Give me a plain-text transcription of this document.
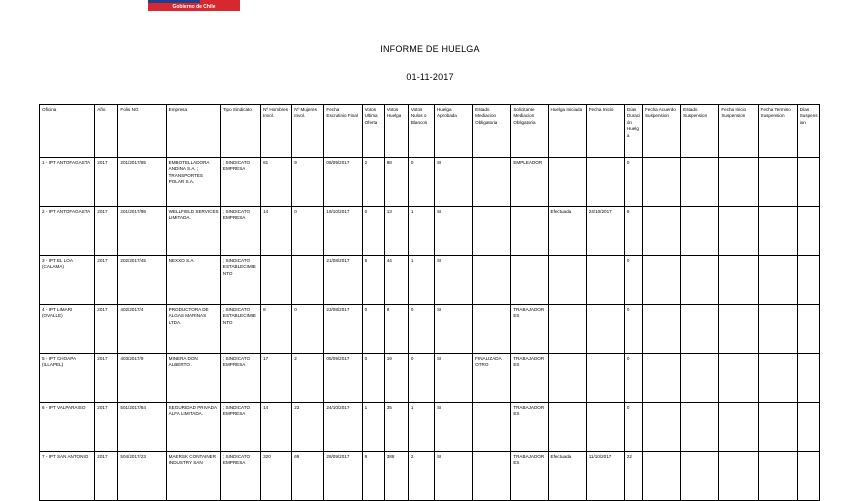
Gobierno de Chile
INFORME DE HUELGA
01-11-2017
Oficina	Año	Folio NG	Empresa	Tipo Sindicato	Nº Hombres Invol.	Nº Mujeres Invol.	Fecha Escrutinio Final	Votos Ultima Oferta	Votos Huelga	Votos Nulos o Blancos	Huelga Aprobada	Estado Mediacion Obligatoria	Solicitante Mediacion Obligatoria	Huelga Iniciada	Fecha Inicio	Días Duración Huelga	Fecha Acuerdo Suspension	Estado Suspension	Fecha Inicio Suspension	Fecha Termino Suspension	Días Suspension
1 - IPT ANTOFAGASTA	2017	201/2017/85	EMBOTELLADORA ANDINA S.A. ; TRANSPORTES POLAR S.A.	; SINDICATO EMPRESA	81	9	08/09/2017	2	88	0	SI		EMPLEADOR			0					
2 - IPT ANTOFAGASTA	2017	201/2017/98	WELLFIELD SERVICES LIMITADA.	; SINDICATO EMPRESA	14	0	19/10/2017	0	13	1	SI			Efectuada	24/10/2017	9					
3 - IPT EL LOA (CALAMA)	2017	202/2017/45	NEXXO S.A.	; SINDICATO ESTABLECIMIENTO			21/08/2017	5	44	1	SI					0					
4 - IPT LIMARI (OVALLE)	2017	402/2017/4	PRODUCTORA DE ALGAS MARINAS LTDA.	; SINDICATO ESTABLECIMIENTO	8	0	23/08/2017	0	8	0	SI		TRABAJADORES			0					
5 - IPT CHOAPA (ILLAPEL)	2017	403/2017/9	MINERA DON ALBERTO .	; SINDICATO EMPRESA	17	2	05/09/2017	0	19	0	SI	FINALIZADA OTRO	TRABAJADORES			0					
6 - IPT VALPARAISO	2017	501/2017/84	SEGURIDAD PRIVADA ALFA LIMITADA.	; SINDICATO EMPRESA	14	23	24/10/2017	1	35	1	SI		TRABAJADORES			0					
7 - IPT SAN ANTONIO	2017	504/2017/23	MAERSK CONTAINER INDUSTRY SAN	; SINDICATO EMPRESA	320	69	28/09/2017	9	388	2	SI		TRABAJADORES	Efectuada	11/10/2017	22					
